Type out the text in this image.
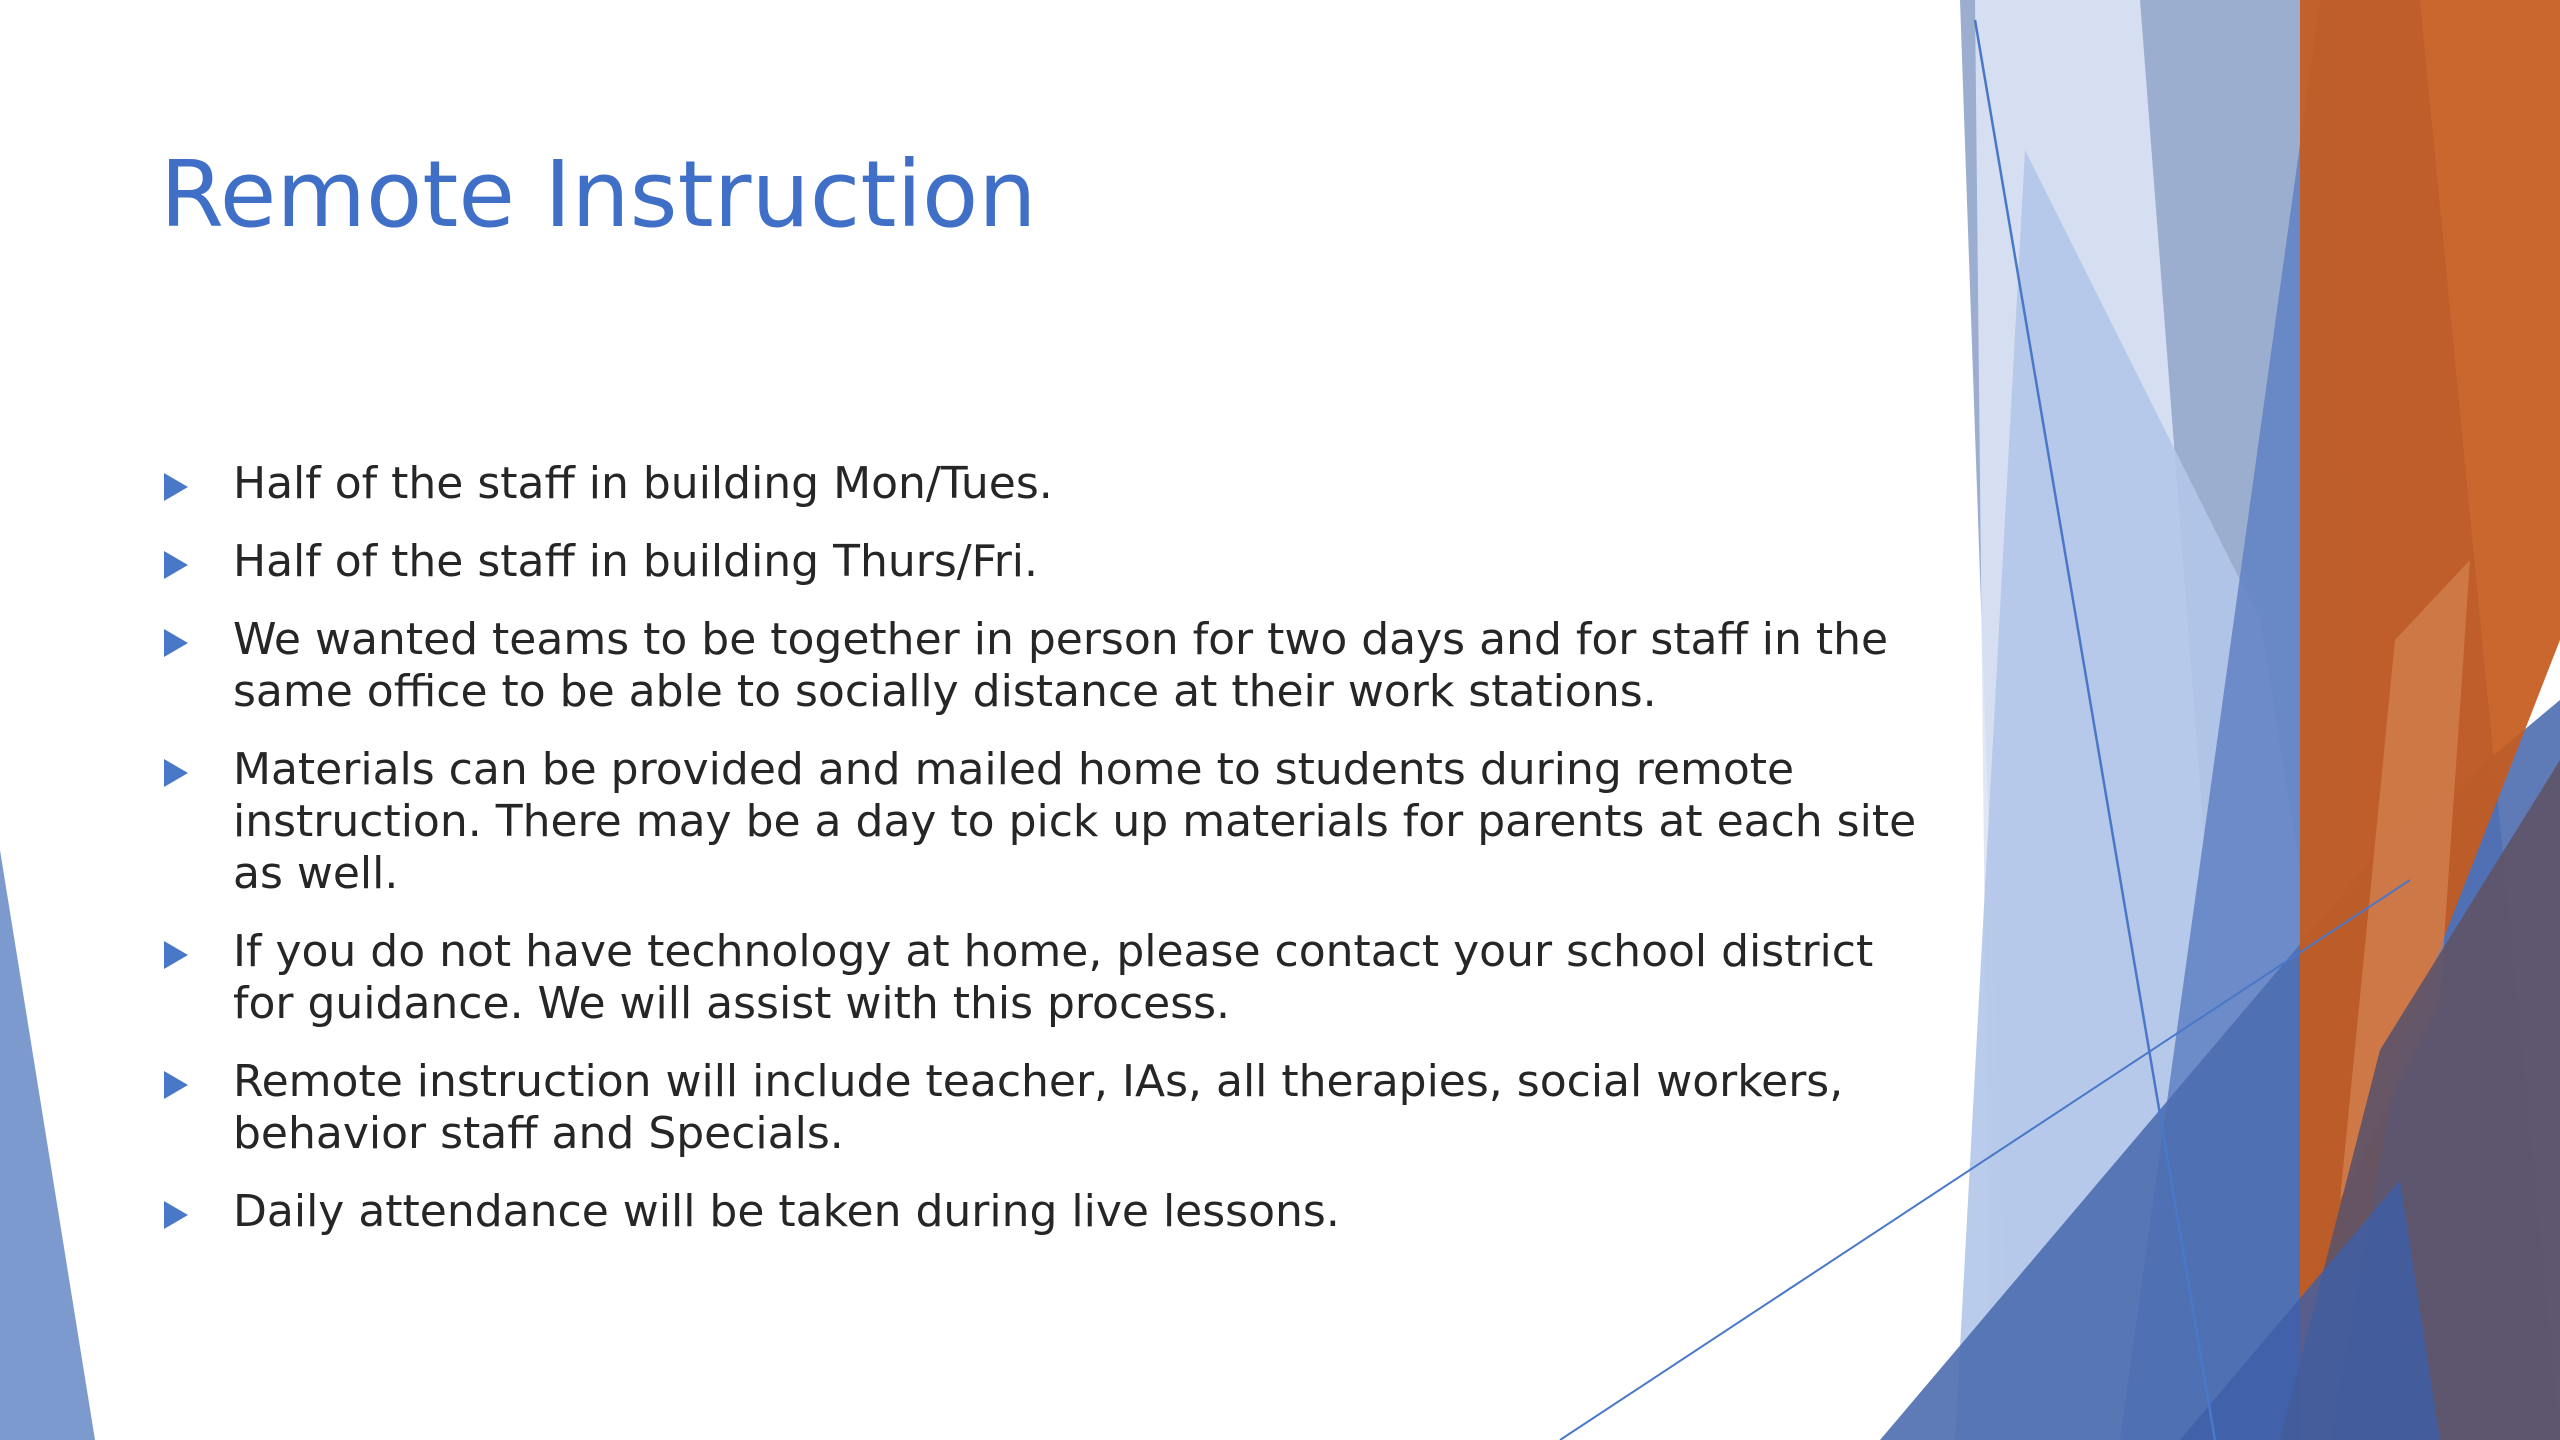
Remote Instruction
Half of the staff in building Mon/Tues.
Half of the staff in building Thurs/Fri.
We wanted teams to be together in person for two days and for staff in the same office to be able to socially distance at their work stations.
Materials can be provided and mailed home to students during remote instruction. There may be a day to pick up materials for parents at each site as well.
If you do not have technology at home, please contact your school district for guidance. We will assist with this process.
Remote instruction will include teacher, IAs, all therapies, social workers, behavior staff and Specials.
Daily attendance will be taken during live lessons.
